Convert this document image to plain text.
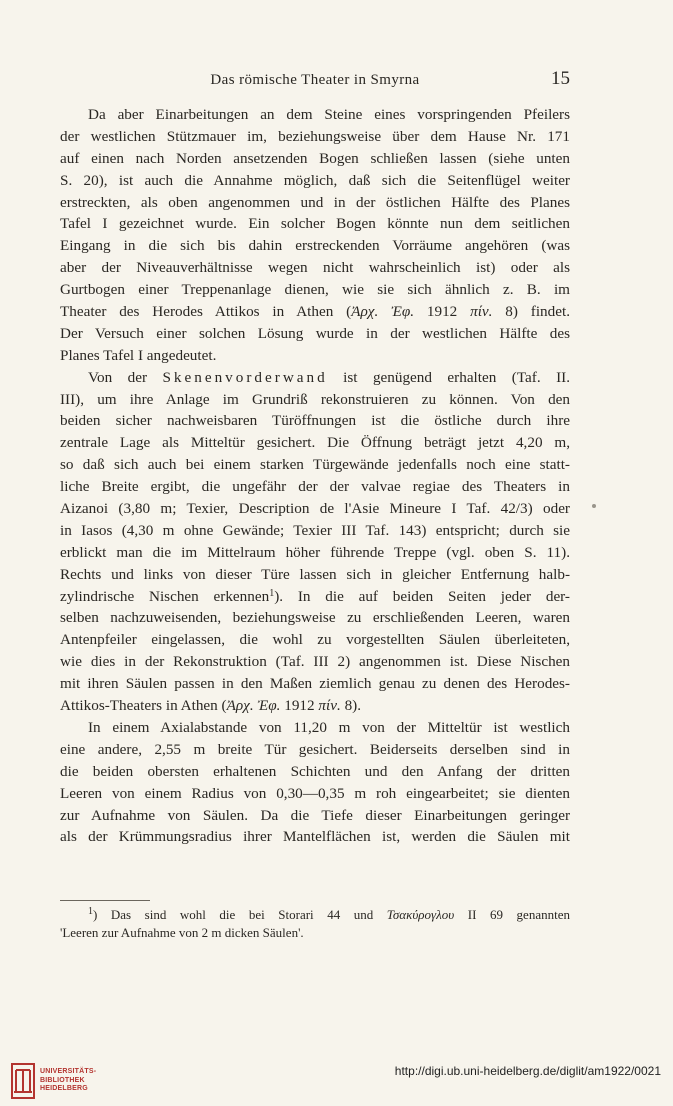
Das römische Theater in Smyrna	15
Da aber Einarbeitungen an dem Steine eines vorspringenden Pfeilers
der westlichen Stützmauer im, beziehungsweise über dem Hause Nr. 171
auf einen nach Norden ansetzenden Bogen schließen lassen (siehe unten
S. 20), ist auch die Annahme möglich, daß sich die Seitenflügel weiter
erstreckten, als oben angenommen und in der östlichen Hälfte des Planes
Tafel I gezeichnet wurde. Ein solcher Bogen könnte nun dem seitlichen
Eingang in die sich bis dahin erstreckenden Vorräume angehören (was
aber der Niveauverhältnisse wegen nicht wahrscheinlich ist) oder als
Gurtbogen einer Treppenanlage dienen, wie sie sich ähnlich z. B. im
Theater des Herodes Attikos in Athen (Ἀρχ. Ἐφ. 1912 πίν. 8) findet.
Der Versuch einer solchen Lösung wurde in der westlichen Hälfte des
Planes Tafel I angedeutet.
Von der Skenenvorderwand ist genügend erhalten (Taf. II.
III), um ihre Anlage im Grundriß rekonstruieren zu können. Von den
beiden sicher nachweisbaren Türöffnungen ist die östliche durch ihre
zentrale Lage als Mitteltür gesichert. Die Öffnung beträgt jetzt 4,20 m,
so daß sich auch bei einem starken Türgewände jedenfalls noch eine statt-
liche Breite ergibt, die ungefähr der der valvae regiae des Theaters in
Aizanoi (3,80 m; Texier, Description de l'Asie Mineure I Taf. 42/3) oder
in Iasos (4,30 m ohne Gewände; Texier III Taf. 143) entspricht; durch sie
erblickt man die im Mittelraum höher führende Treppe (vgl. oben S. 11).
Rechts und links von dieser Türe lassen sich in gleicher Entfernung halb-
zylindrische Nischen erkennen$^1$). In die auf beiden Seiten jeder der-
selben nachzuweisenden, beziehungsweise zu erschließenden Leeren, waren
Antenpfeiler eingelassen, die wohl zu vorgestellten Säulen überleiteten,
wie dies in der Rekonstruktion (Taf. III 2) angenommen ist. Diese Nischen
mit ihren Säulen passen in den Maßen ziemlich genau zu denen des Herodes-
Attikos-Theaters in Athen (Ἀρχ. Ἐφ. 1912 πίν. 8).
In einem Axialabstande von 11,20 m von der Mitteltür ist westlich
eine andere, 2,55 m breite Tür gesichert. Beiderseits derselben sind in
die beiden obersten erhaltenen Schichten und den Anfang der dritten
Leeren von einem Radius von 0,30—0,35 m roh eingearbeitet; sie dienten
zur Aufnahme von Säulen. Da die Tiefe dieser Einarbeitungen geringer
als der Krümmungsradius ihrer Mantelflächen ist, werden die Säulen mit
$^1$) Das sind wohl die bei Storari 44 und Τσακύρογλου II 69 genannten
'Leeren zur Aufnahme von 2 m dicken Säulen'.
UNIVERSITÄTS-
BIBLIOTHEK
HEIDELBERG
http://digi.ub.uni-heidelberg.de/diglit/am1922/0021
